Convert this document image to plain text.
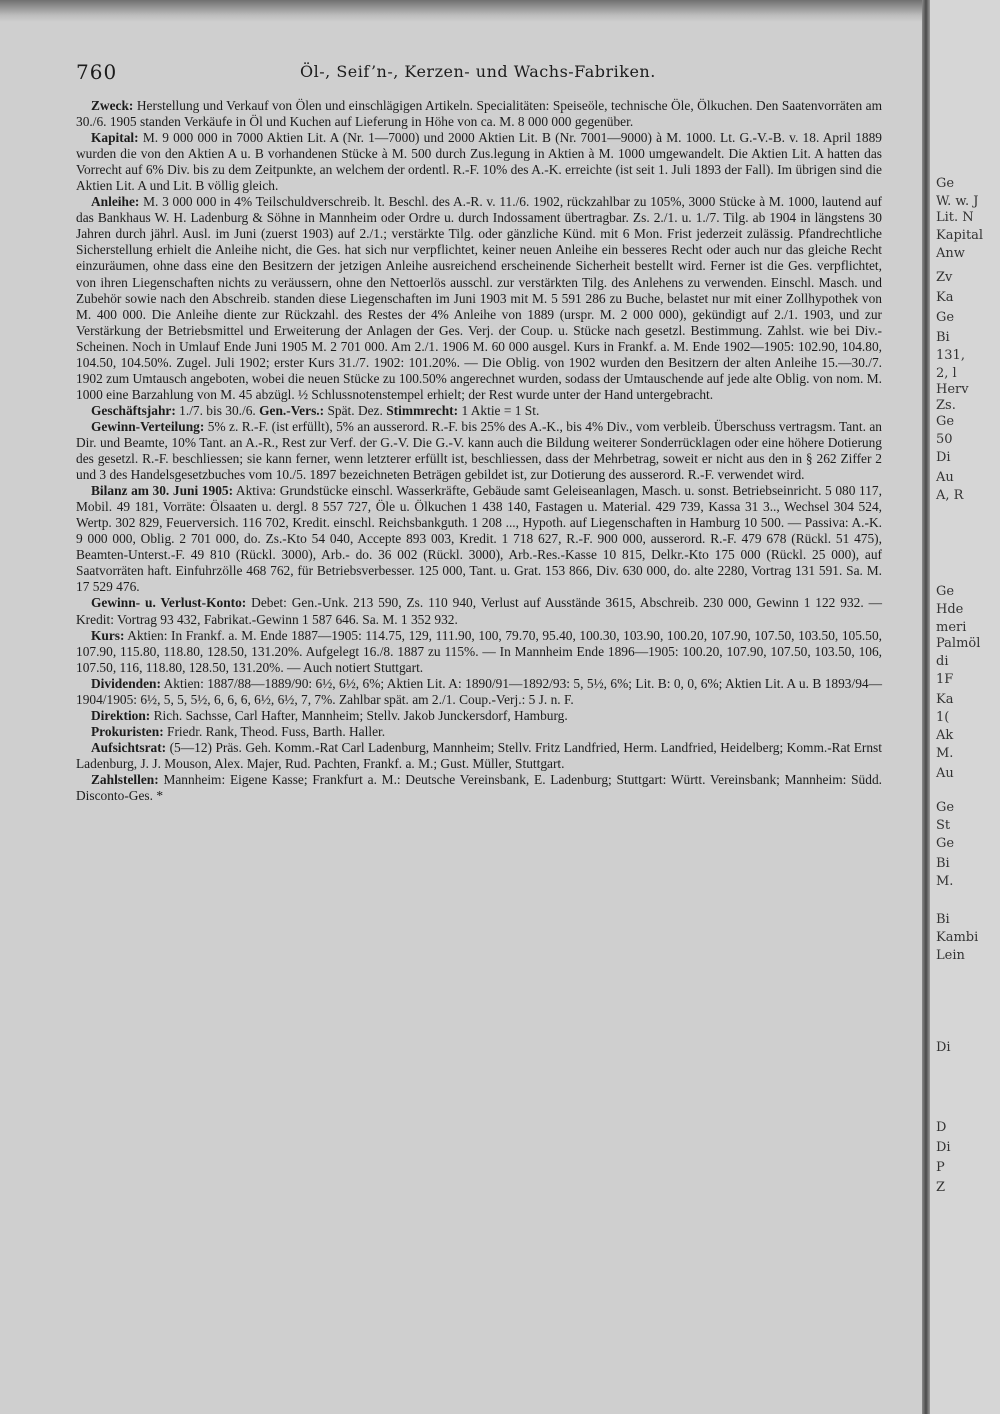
Ge
W. w. J
Lit. N
Kapital
Anw
Zv
Ka
Ge
Bi
131,
2, l
Herv
Zs.
Ge
50
Di
Au
A, R
Ge
Hde
meri
Palmöl
di
1F
Ka
1(
Ak
M.
Au
Ge
St
Ge
Bi
M.
Bi
Kambi
Lein
Di
D
Di
P
Z
760	Öl-, Seif’n-, Kerzen- und Wachs-Fabriken.

Zweck: Herstellung und Verkauf von Ölen und einschlägigen Artikeln. Specialitäten: Speiseöle, technische Öle, Ölkuchen. Den Saatenvorräten am 30./6. 1905 standen Verkäufe in Öl und Kuchen auf Lieferung in Höhe von ca. M. 8 000 000 gegenüber.

Kapital: M. 9 000 000 in 7000 Aktien Lit. A (Nr. 1—7000) und 2000 Aktien Lit. B (Nr. 7001—9000) à M. 1000. Lt. G.-V.-B. v. 18. April 1889 wurden die von den Aktien A u. B vorhandenen Stücke à M. 500 durch Zus.legung in Aktien à M. 1000 umgewandelt. Die Aktien Lit. A hatten das Vorrecht auf 6% Div. bis zu dem Zeitpunkte, an welchem der ordentl. R.-F. 10% des A.-K. erreichte (ist seit 1. Juli 1893 der Fall). Im übrigen sind die Aktien Lit. A und Lit. B völlig gleich.

Anleihe: M. 3 000 000 in 4% Teilschuldverschreib. lt. Beschl. des A.-R. v. 11./6. 1902, rückzahlbar zu 105%, 3000 Stücke à M. 1000, lautend auf das Bankhaus W. H. Ladenburg & Söhne in Mannheim oder Ordre u. durch Indossament übertragbar. Zs. 2./1. u. 1./7. Tilg. ab 1904 in längstens 30 Jahren durch jährl. Ausl. im Juni (zuerst 1903) auf 2./1.; verstärkte Tilg. oder gänzliche Künd. mit 6 Mon. Frist jederzeit zulässig. Pfandrechtliche Sicherstellung erhielt die Anleihe nicht, die Ges. hat sich nur verpflichtet, keiner neuen Anleihe ein besseres Recht oder auch nur das gleiche Recht einzuräumen, ohne dass eine den Besitzern der jetzigen Anleihe ausreichend erscheinende Sicherheit bestellt wird. Ferner ist die Ges. verpflichtet, von ihren Liegenschaften nichts zu veräussern, ohne den Nettoerlös ausschl. zur verstärkten Tilg. des Anlehens zu verwenden. Einschl. Masch. und Zubehör sowie nach den Abschreib. standen diese Liegenschaften im Juni 1903 mit M. 5 591 286 zu Buche, belastet nur mit einer Zollhypothek von M. 400 000. Die Anleihe diente zur Rückzahl. des Restes der 4% Anleihe von 1889 (urspr. M. 2 000 000), gekündigt auf 2./1. 1903, und zur Verstärkung der Betriebsmittel und Erweiterung der Anlagen der Ges. Verj. der Coup. u. Stücke nach gesetzl. Bestimmung. Zahlst. wie bei Div.-Scheinen. Noch in Umlauf Ende Juni 1905 M. 2 701 000. Am 2./1. 1906 M. 60 000 ausgel. Kurs in Frankf. a. M. Ende 1902—1905: 102.90, 104.80, 104.50, 104.50%. Zugel. Juli 1902; erster Kurs 31./7. 1902: 101.20%. — Die Oblig. von 1902 wurden den Besitzern der alten Anleihe 15.—30./7. 1902 zum Umtausch angeboten, wobei die neuen Stücke zu 100.50% angerechnet wurden, sodass der Umtauschende auf jede alte Oblig. von nom. M. 1000 eine Barzahlung von M. 45 abzügl. ½ Schlussnotenstempel erhielt; der Rest wurde unter der Hand untergebracht.

Geschäftsjahr: 1./7. bis 30./6. Gen.-Vers.: Spät. Dez. Stimmrecht: 1 Aktie = 1 St.

Gewinn-Verteilung: 5% z. R.-F. (ist erfüllt), 5% an ausserord. R.-F. bis 25% des A.-K., bis 4% Div., vom verbleib. Überschuss vertragsm. Tant. an Dir. und Beamte, 10% Tant. an A.-R., Rest zur Verf. der G.-V. Die G.-V. kann auch die Bildung weiterer Sonderrücklagen oder eine höhere Dotierung des gesetzl. R.-F. beschliessen; sie kann ferner, wenn letzterer erfüllt ist, beschliessen, dass der Mehrbetrag, soweit er nicht aus den in § 262 Ziffer 2 und 3 des Handelsgesetzbuches vom 10./5. 1897 bezeichneten Beträgen gebildet ist, zur Dotierung des ausserord. R.-F. verwendet wird.

Bilanz am 30. Juni 1905: Aktiva: Grundstücke einschl. Wasserkräfte, Gebäude samt Geleiseanlagen, Masch. u. sonst. Betriebseinricht. 5 080 117, Mobil. 49 181, Vorräte: Ölsaaten u. dergl. 8 557 727, Öle u. Ölkuchen 1 438 140, Fastagen u. Material. 429 739, Kassa 31 3.., Wechsel 304 524, Wertp. 302 829, Feuerversich. 116 702, Kredit. einschl. Reichsbankguth. 1 208 ..., Hypoth. auf Liegenschaften in Hamburg 10 500. — Passiva: A.-K. 9 000 000, Oblig. 2 701 000, do. Zs.-Kto 54 040, Accepte 893 003, Kredit. 1 718 627, R.-F. 900 000, ausserord. R.-F. 479 678 (Rückl. 51 475), Beamten-Unterst.-F. 49 810 (Rückl. 3000), Arb.- do. 36 002 (Rückl. 3000), Arb.-Res.-Kasse 10 815, Delkr.-Kto 175 000 (Rückl. 25 000), auf Saatvorräten haft. Einfuhrzölle 468 762, für Betriebsverbesser. 125 000, Tant. u. Grat. 153 866, Div. 630 000, do. alte 2280, Vortrag 131 591. Sa. M. 17 529 476.

Gewinn- u. Verlust-Konto: Debet: Gen.-Unk. 213 590, Zs. 110 940, Verlust auf Ausstände 3615, Abschreib. 230 000, Gewinn 1 122 932. — Kredit: Vortrag 93 432, Fabrikat.-Gewinn 1 587 646. Sa. M. 1 352 932.

Kurs: Aktien: In Frankf. a. M. Ende 1887—1905: 114.75, 129, 111.90, 100, 79.70, 95.40, 100.30, 103.90, 100.20, 107.90, 107.50, 103.50, 105.50, 107.90, 115.80, 118.80, 128.50, 131.20%. Aufgelegt 16./8. 1887 zu 115%. — In Mannheim Ende 1896—1905: 100.20, 107.90, 107.50, 103.50, 106, 107.50, 116, 118.80, 128.50, 131.20%. — Auch notiert Stuttgart.

Dividenden: Aktien: 1887/88—1889/90: 6½, 6½, 6%; Aktien Lit. A: 1890/91—1892/93: 5, 5½, 6%; Lit. B: 0, 0, 6%; Aktien Lit. A u. B 1893/94—1904/1905: 6½, 5, 5, 5½, 6, 6, 6, 6½, 6½, 7, 7%. Zahlbar spät. am 2./1. Coup.-Verj.: 5 J. n. F.

Direktion: Rich. Sachsse, Carl Hafter, Mannheim; Stellv. Jakob Junckersdorf, Hamburg.

Prokuristen: Friedr. Rank, Theod. Fuss, Barth. Haller.

Aufsichtsrat: (5—12) Präs. Geh. Komm.-Rat Carl Ladenburg, Mannheim; Stellv. Fritz Landfried, Herm. Landfried, Heidelberg; Komm.-Rat Ernst Ladenburg, J. J. Mouson, Alex. Majer, Rud. Pachten, Frankf. a. M.; Gust. Müller, Stuttgart.

Zahlstellen: Mannheim: Eigene Kasse; Frankfurt a. M.: Deutsche Vereinsbank, E. Ladenburg; Stuttgart: Württ. Vereinsbank; Mannheim: Südd. Disconto-Ges. *
